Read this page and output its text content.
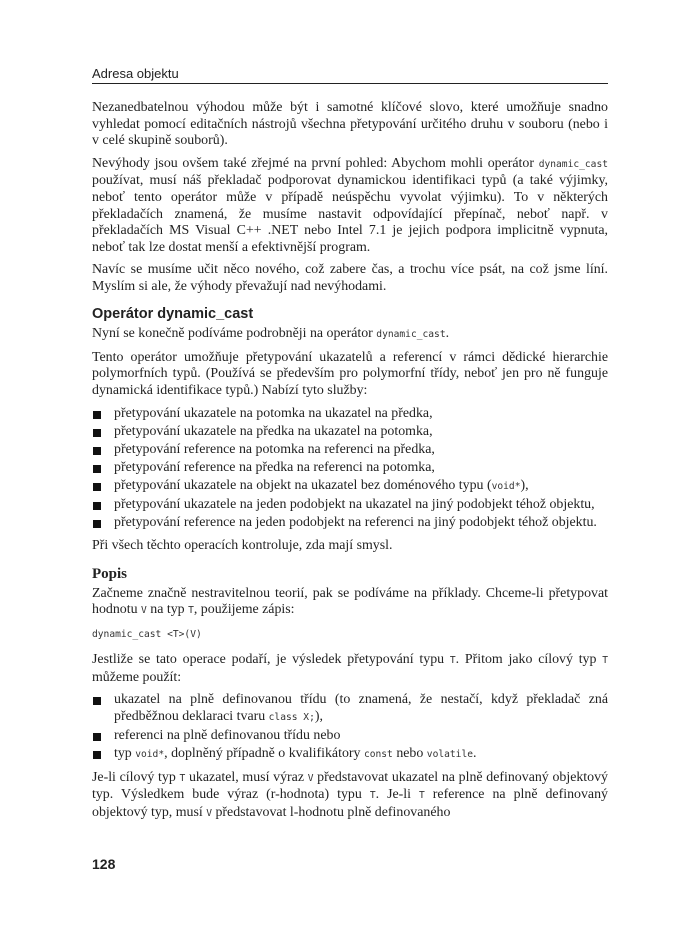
Adresa objektu

Nezanedbatelnou výhodou může být i samotné klíčové slovo, které umožňuje snadno vyhledat pomocí editačních nástrojů všechna přetypování určitého druhu v souboru (nebo i v celé skupině souborů).

Nevýhody jsou ovšem také zřejmé na první pohled: Abychom mohli operátor dynamic_cast používat, musí náš překladač podporovat dynamickou identifikaci typů (a také výjimky, neboť tento operátor může v případě neúspěchu vyvolat výjimku). To v některých překladačích znamená, že musíme nastavit odpovídající přepínač, neboť např. v překladačích MS Visual C++ .NET nebo Intel 7.1 je jejich podpora implicitně vypnuta, neboť tak lze dostat menší a efektivnější program.

Navíc se musíme učit něco nového, což zabere čas, a trochu více psát, na což jsme líní. Myslím si ale, že výhody převažují nad nevýhodami.

Operátor dynamic_cast

Nyní se konečně podíváme podrobněji na operátor dynamic_cast.

Tento operátor umožňuje přetypování ukazatelů a referencí v rámci dědické hierarchie polymorfních typů. (Používá se především pro polymorfní třídy, neboť jen pro ně funguje dynamická identifikace typů.) Nabízí tyto služby:

přetypování ukazatele na potomka na ukazatel na předka,
přetypování ukazatele na předka na ukazatel na potomka,
přetypování reference na potomka na referenci na předka,
přetypování reference na předka na referenci na potomka,
přetypování ukazatele na objekt na ukazatel bez doménového typu (void*),
přetypování ukazatele na jeden podobjekt na ukazatel na jiný podobjekt téhož objektu,
přetypování reference na jeden podobjekt na referenci na jiný podobjekt téhož objektu.

Při všech těchto operacích kontroluje, zda mají smysl.

Popis

Začneme značně nestravitelnou teorií, pak se podíváme na příklady. Chceme-li přetypovat hodnotu V na typ T, použijeme zápis:

dynamic_cast <T>(V)

Jestliže se tato operace podaří, je výsledek přetypování typu T. Přitom jako cílový typ T můžeme použít:

ukazatel na plně definovanou třídu (to znamená, že nestačí, když překladač zná předběžnou deklaraci tvaru class X;),
referenci na plně definovanou třídu nebo
typ void*, doplněný případně o kvalifikátory const nebo volatile.

Je-li cílový typ T ukazatel, musí výraz V představovat ukazatel na plně definovaný objektový typ. Výsledkem bude výraz (r-hodnota) typu T. Je-li T reference na plně definovaný objektový typ, musí V představovat l-hodnotu plně definovaného

128
